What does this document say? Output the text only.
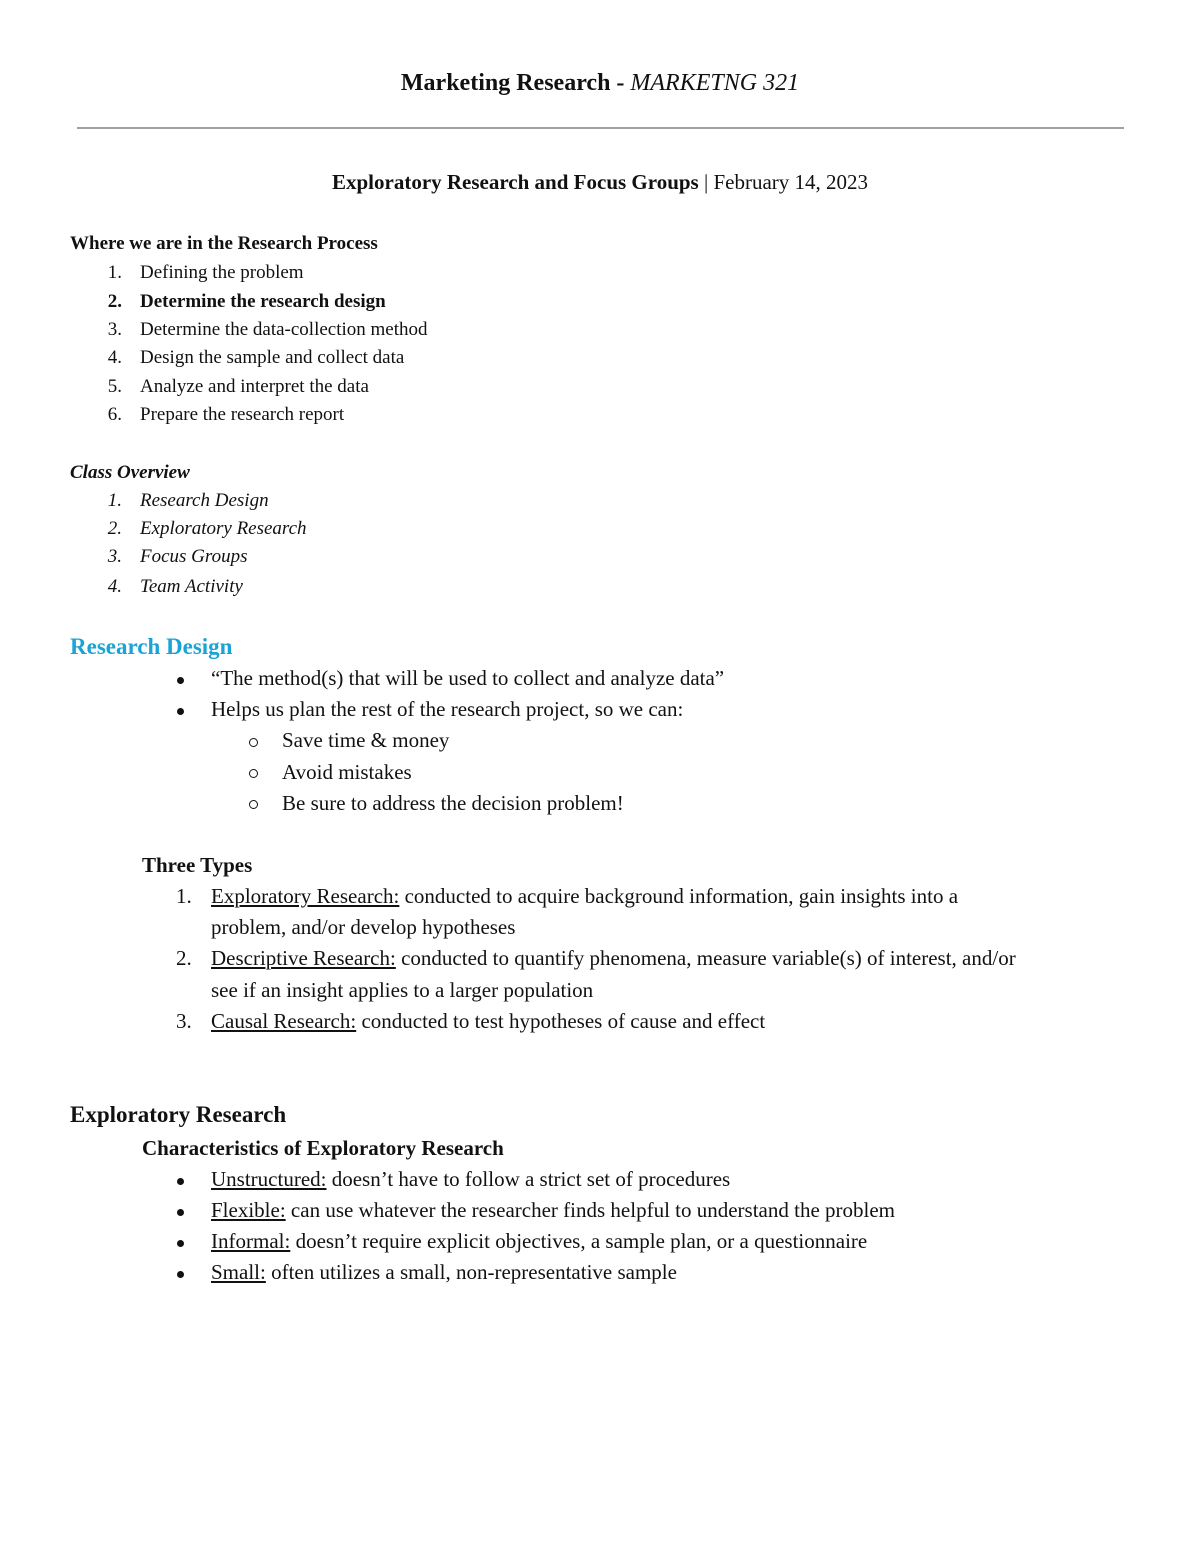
Marketing Research - MARKETNG 321
Exploratory Research and Focus Groups | February 14, 2023
Where we are in the Research Process
1. Defining the problem
2. Determine the research design
3. Determine the data-collection method
4. Design the sample and collect data
5. Analyze and interpret the data
6. Prepare the research report
Class Overview
1. Research Design
2. Exploratory Research
3. Focus Groups
4. Team Activity
Research Design
“The method(s) that will be used to collect and analyze data”
Helps us plan the rest of the research project, so we can:
Save time & money
Avoid mistakes
Be sure to address the decision problem!
Three Types
1. Exploratory Research: conducted to acquire background information, gain insights into a
problem, and/or develop hypotheses
2. Descriptive Research: conducted to quantify phenomena, measure variable(s) of interest, and/or
see if an insight applies to a larger population
3. Causal Research: conducted to test hypotheses of cause and effect
Exploratory Research
Characteristics of Exploratory Research
Unstructured: doesn’t have to follow a strict set of procedures
Flexible: can use whatever the researcher finds helpful to understand the problem
Informal: doesn’t require explicit objectives, a sample plan, or a questionnaire
Small: often utilizes a small, non-representative sample
